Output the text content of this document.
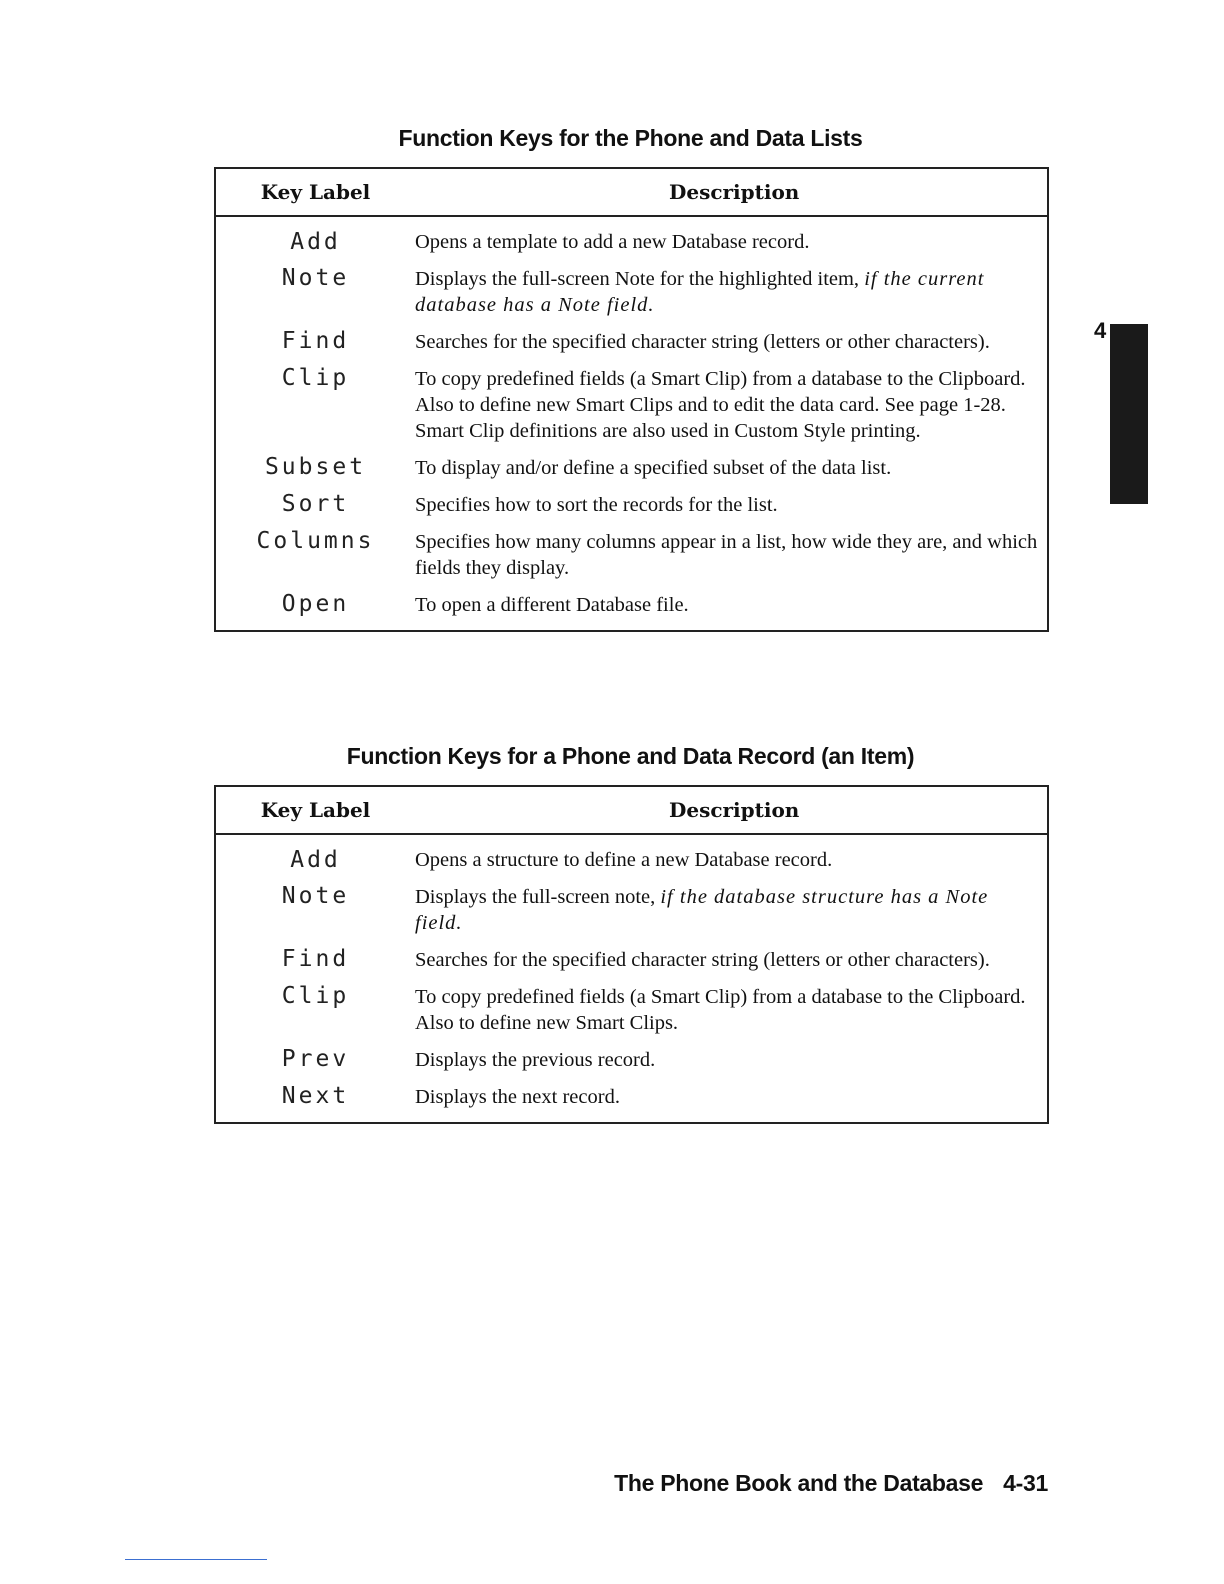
Function Keys for the Phone and Data Lists
Key Label	Description
Add	Opens a template to add a new Database record.
Note	Displays the full-screen Note for the highlighted item, if the current database has a Note field.
Find	Searches for the specified character string (letters or other characters).
Clip	To copy predefined fields (a Smart Clip) from a database to the Clipboard. Also to define new Smart Clips and to edit the data card. See page 1-28. Smart Clip definitions are also used in Custom Style printing.
Subset	To display and/or define a specified subset of the data list.
Sort	Specifies how to sort the records for the list.
Columns	Specifies how many columns appear in a list, how wide they are, and which fields they display.
Open	To open a different Database file.
Function Keys for a Phone and Data Record (an Item)
Key Label	Description
Add	Opens a structure to define a new Database record.
Note	Displays the full-screen note, if the database structure has a Note field.
Find	Searches for the specified character string (letters or other characters).
Clip	To copy predefined fields (a Smart Clip) from a database to the Clipboard. Also to define new Smart Clips.
Prev	Displays the previous record.
Next	Displays the next record.
4
The Phone Book and the Database 4-31
